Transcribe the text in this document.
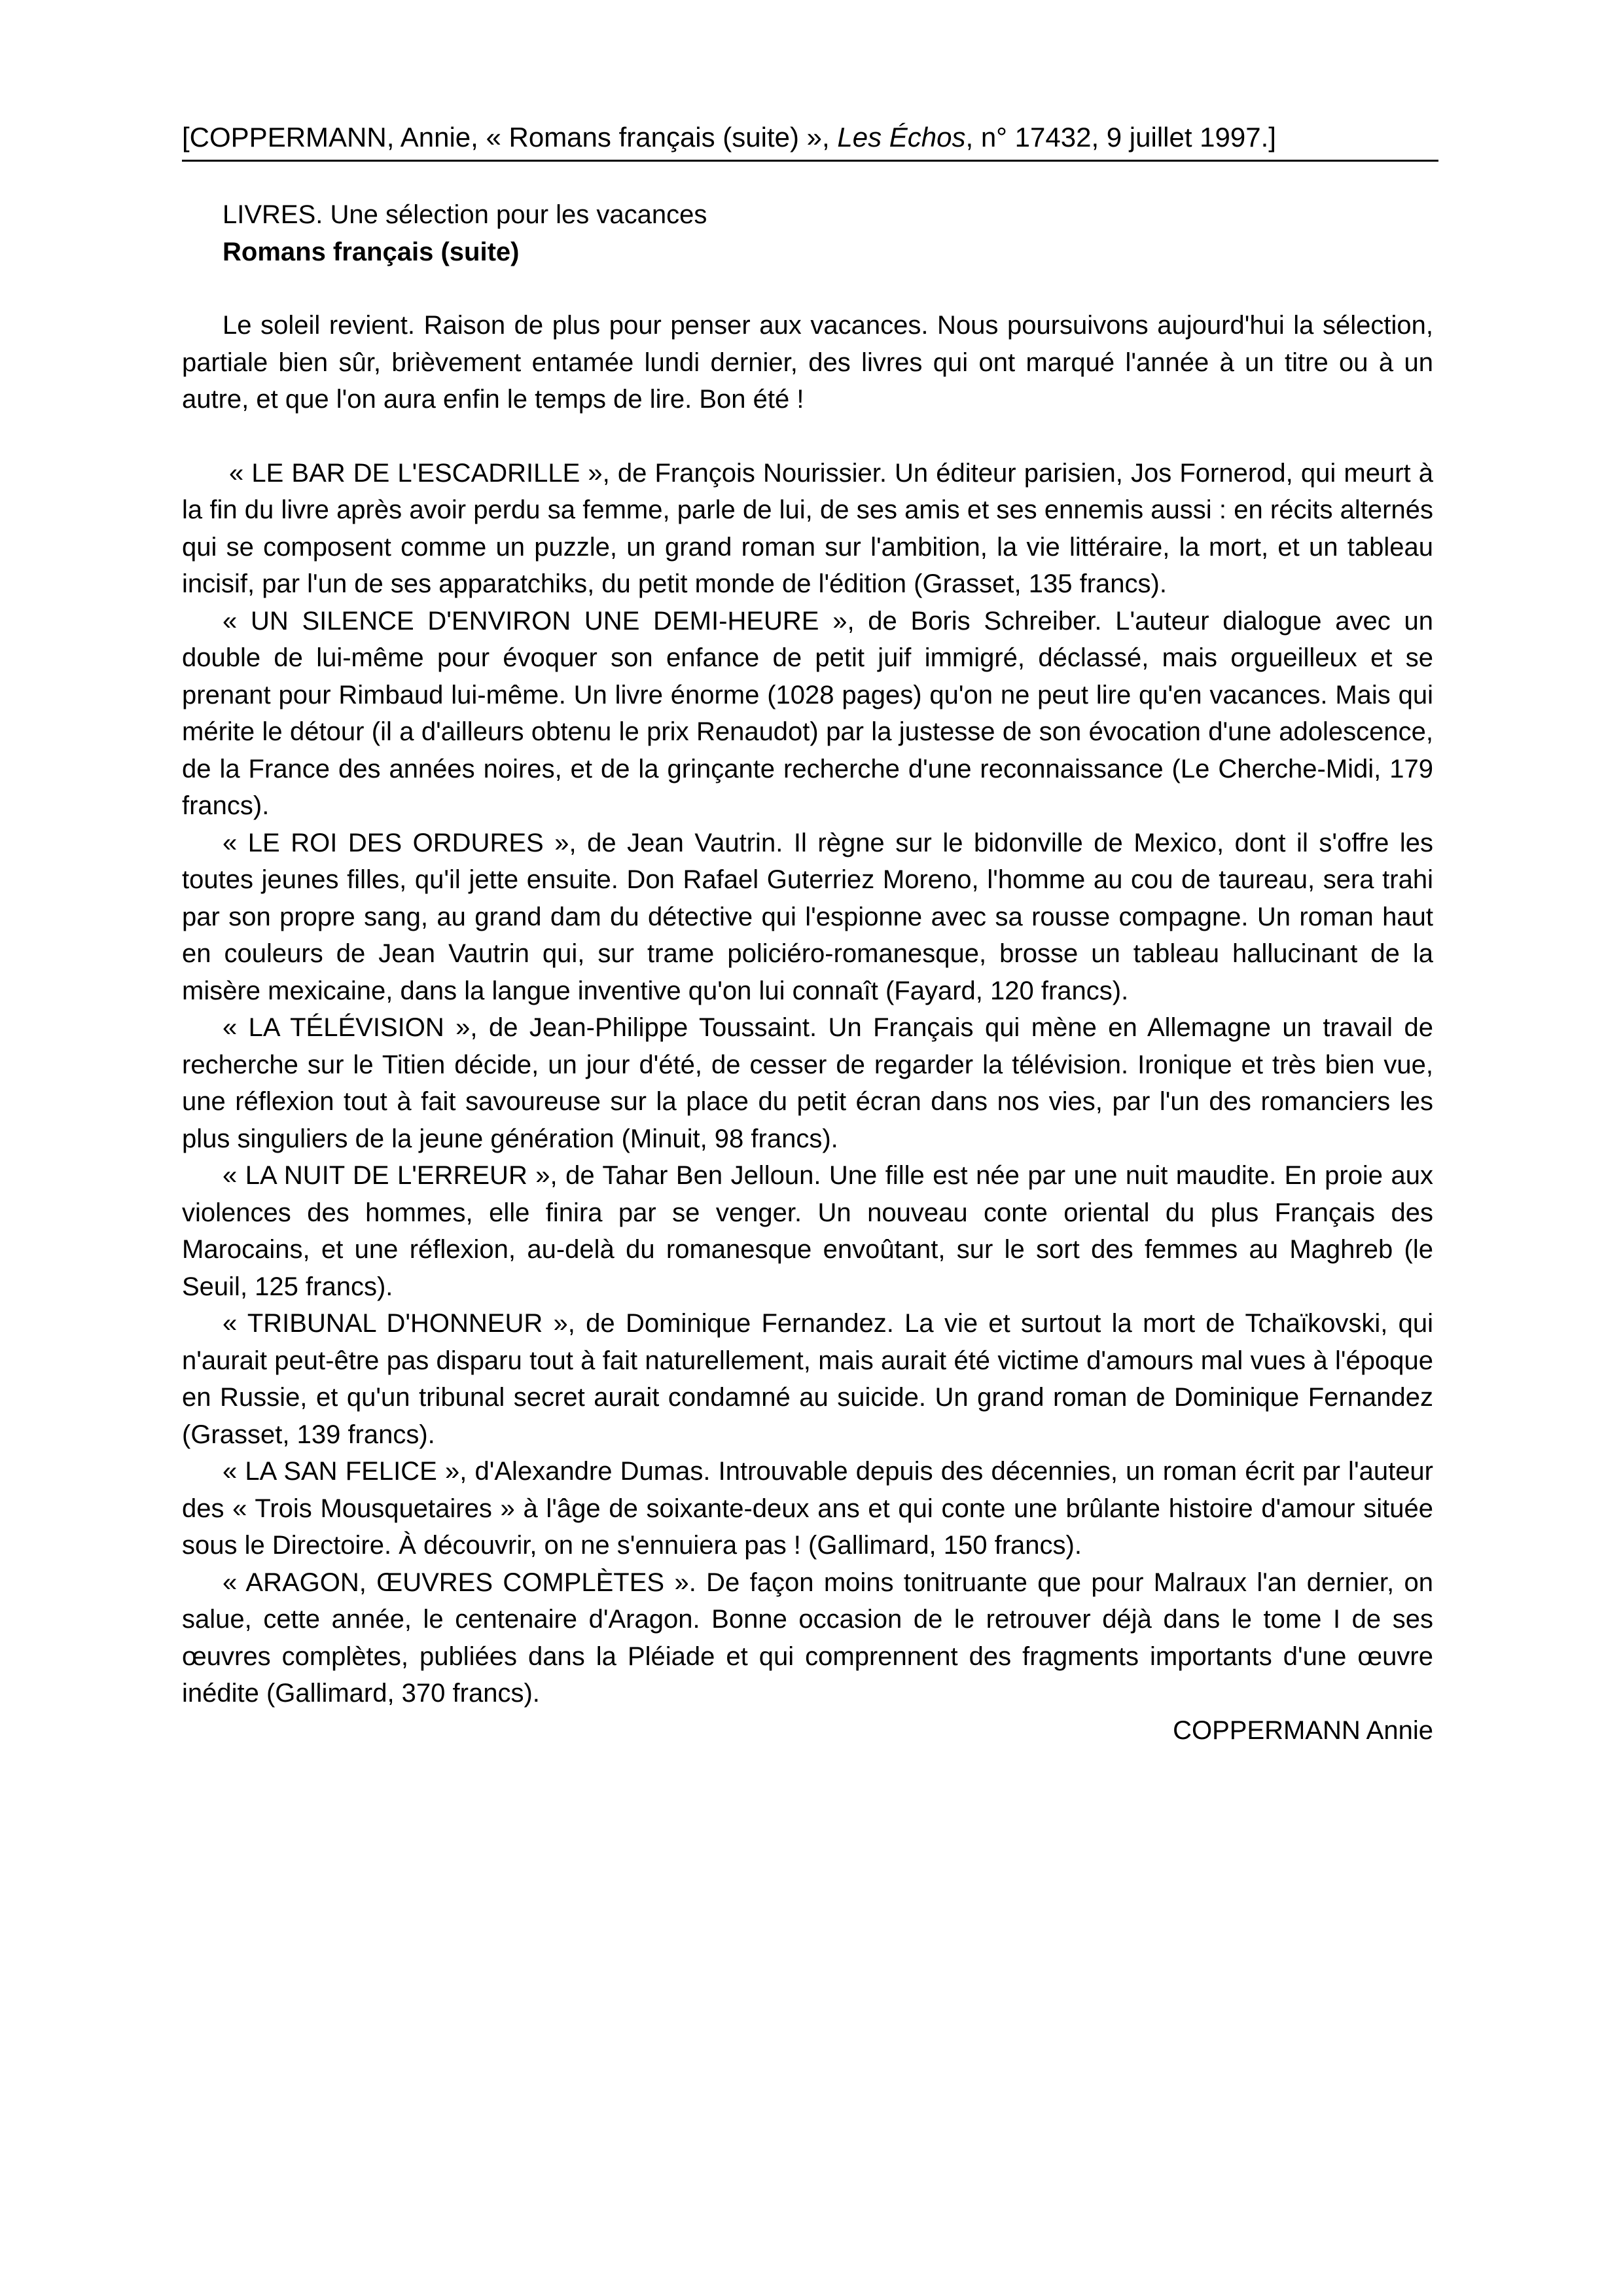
[COPPERMANN, Annie, « Romans français (suite) », Les Échos, n° 17432, 9 juillet 1997.]

LIVRES. Une sélection pour les vacances

Romans français (suite)

Le soleil revient. Raison de plus pour penser aux vacances. Nous poursuivons aujourd'hui la sélection, partiale bien sûr, brièvement entamée lundi dernier, des livres qui ont marqué l'année à un titre ou à un autre, et que l'on aura enfin le temps de lire. Bon été !

« LE BAR DE L'ESCADRILLE », de François Nourissier. Un éditeur parisien, Jos Fornerod, qui meurt à la fin du livre après avoir perdu sa femme, parle de lui, de ses amis et ses ennemis aussi : en récits alternés qui se composent comme un puzzle, un grand roman sur l'ambition, la vie littéraire, la mort, et un tableau incisif, par l'un de ses apparatchiks, du petit monde de l'édition (Grasset, 135 francs).

« UN SILENCE D'ENVIRON UNE DEMI-HEURE », de Boris Schreiber. L'auteur dialogue avec un double de lui-même pour évoquer son enfance de petit juif immigré, déclassé, mais orgueilleux et se prenant pour Rimbaud lui-même. Un livre énorme (1028 pages) qu'on ne peut lire qu'en vacances. Mais qui mérite le détour (il a d'ailleurs obtenu le prix Renaudot) par la justesse de son évocation d'une adolescence, de la France des années noires, et de la grinçante recherche d'une reconnaissance (Le Cherche-Midi, 179 francs).

« LE ROI DES ORDURES », de Jean Vautrin. Il règne sur le bidonville de Mexico, dont il s'offre les toutes jeunes filles, qu'il jette ensuite. Don Rafael Guterriez Moreno, l'homme au cou de taureau, sera trahi par son propre sang, au grand dam du détective qui l'espionne avec sa rousse compagne. Un roman haut en couleurs de Jean Vautrin qui, sur trame policiéro-romanesque, brosse un tableau hallucinant de la misère mexicaine, dans la langue inventive qu'on lui connaît (Fayard, 120 francs).

« LA TÉLÉVISION », de Jean-Philippe Toussaint. Un Français qui mène en Allemagne un travail de recherche sur le Titien décide, un jour d'été, de cesser de regarder la télévision. Ironique et très bien vue, une réflexion tout à fait savoureuse sur la place du petit écran dans nos vies, par l'un des romanciers les plus singuliers de la jeune génération (Minuit, 98 francs).

« LA NUIT DE L'ERREUR », de Tahar Ben Jelloun. Une fille est née par une nuit maudite. En proie aux violences des hommes, elle finira par se venger. Un nouveau conte oriental du plus Français des Marocains, et une réflexion, au-delà du romanesque envoûtant, sur le sort des femmes au Maghreb (le Seuil, 125 francs).

« TRIBUNAL D'HONNEUR », de Dominique Fernandez. La vie et surtout la mort de Tchaïkovski, qui n'aurait peut-être pas disparu tout à fait naturellement, mais aurait été victime d'amours mal vues à l'époque en Russie, et qu'un tribunal secret aurait condamné au suicide. Un grand roman de Dominique Fernandez (Grasset, 139 francs).

« LA SAN FELICE », d'Alexandre Dumas. Introuvable depuis des décennies, un roman écrit par l'auteur des « Trois Mousquetaires » à l'âge de soixante-deux ans et qui conte une brûlante histoire d'amour située sous le Directoire. À découvrir, on ne s'ennuiera pas ! (Gallimard, 150 francs).

« ARAGON, ŒUVRES COMPLÈTES ». De façon moins tonitruante que pour Malraux l'an dernier, on salue, cette année, le centenaire d'Aragon. Bonne occasion de le retrouver déjà dans le tome I de ses œuvres complètes, publiées dans la Pléiade et qui comprennent des fragments importants d'une œuvre inédite (Gallimard, 370 francs).

COPPERMANN Annie
